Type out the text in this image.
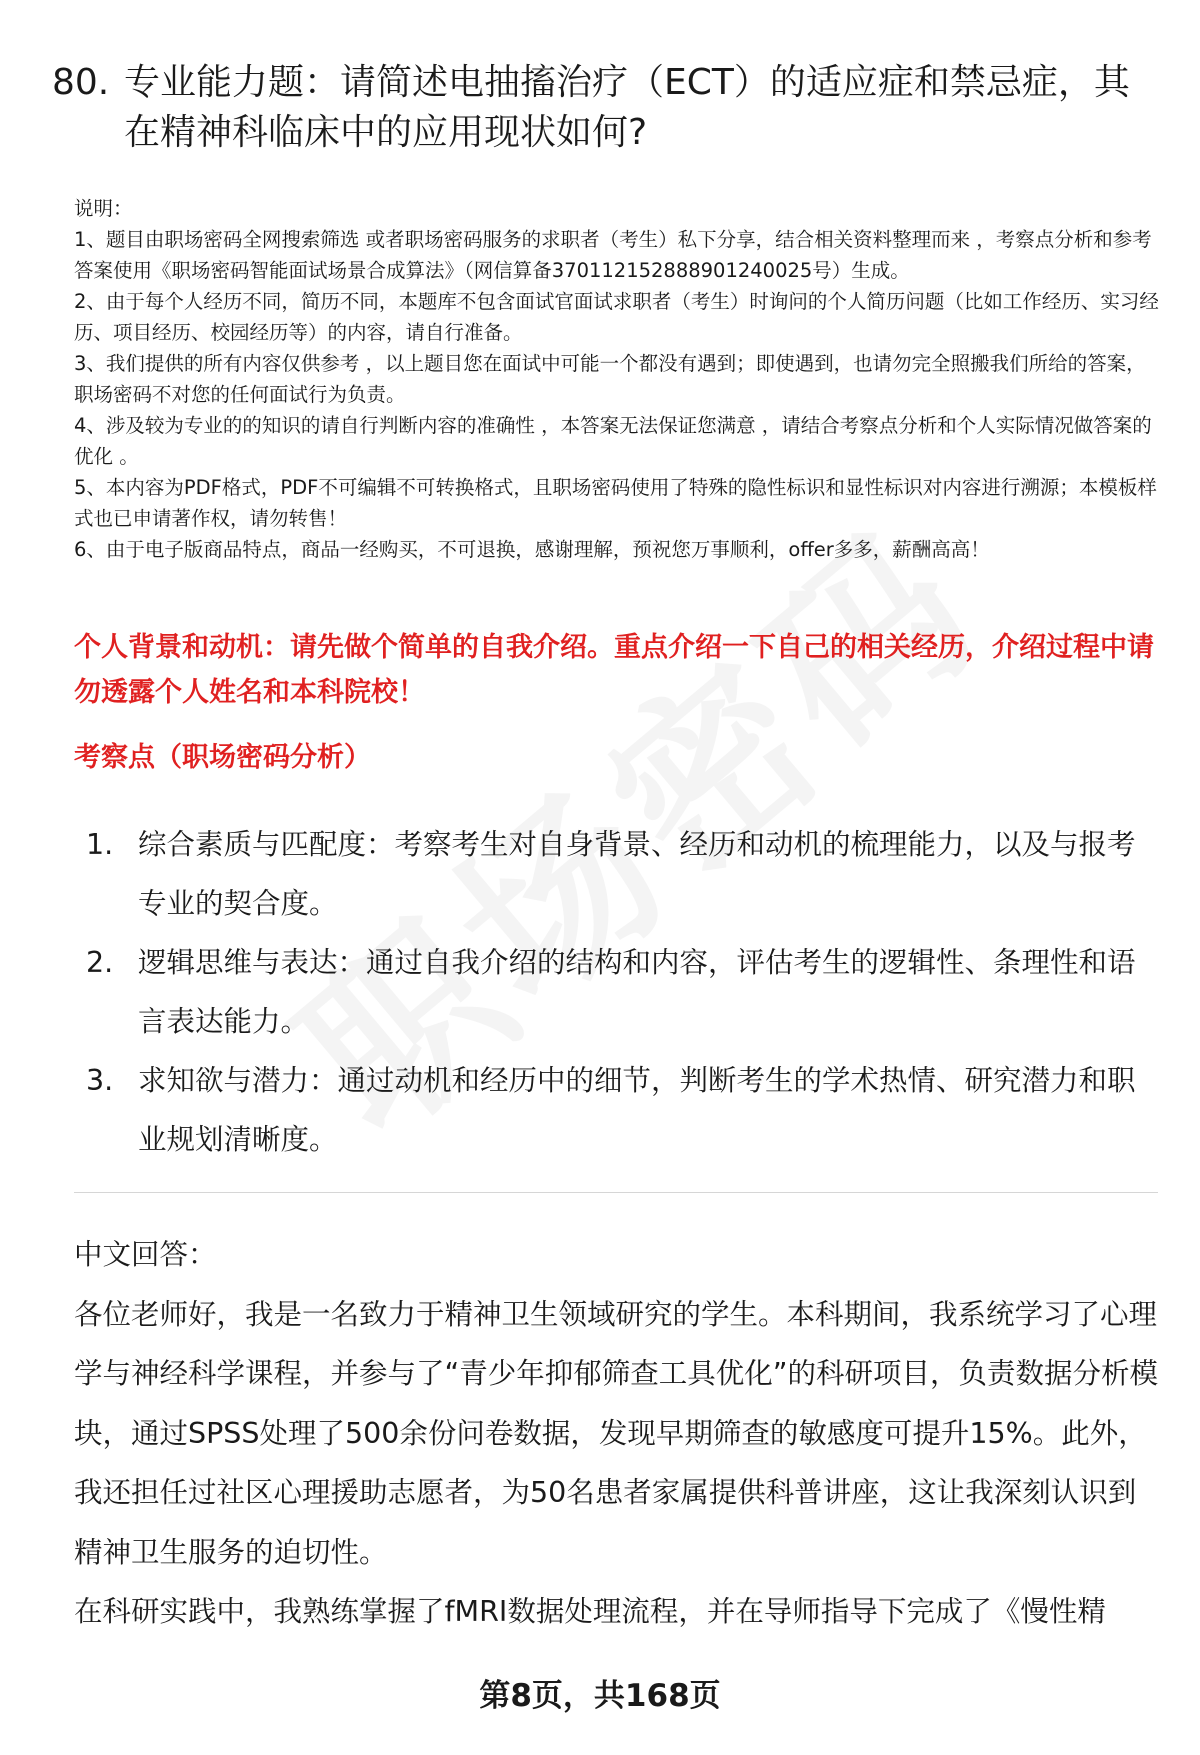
80. 专业能力题：请简述电抽搐治疗（ECT）的适应症和禁忌症，其在精神科临床中的应用现状如何?

说明：

1、题目由职场密码全网搜索筛选 或者职场密码服务的求职者（考生）私下分享，结合相关资料整理而来 ，考察点分析和参考答案使用《职场密码智能面试场景合成算法》（网信算备370112152888901240025号）生成。

2、由于每个人经历不同，简历不同，本题库不包含面试官面试求职者（考生）时询问的个人简历问题（比如工作经历、实习经历、项目经历、校园经历等）的内容，请自行准备。

3、我们提供的所有内容仅供参考 ，以上题目您在面试中可能一个都没有遇到；即使遇到，也请勿完全照搬我们所给的答案，职场密码不对您的任何面试行为负责。

4、涉及较为专业的的知识的请自行判断内容的准确性 ，本答案无法保证您满意 ，请结合考察点分析和个人实际情况做答案的优化 。

5、本内容为PDF格式，PDF不可编辑不可转换格式，且职场密码使用了特殊的隐性标识和显性标识对内容进行溯源；本模板样式也已申请著作权，请勿转售！

6、由于电子版商品特点，商品一经购买，不可退换，感谢理解，预祝您万事顺利，offer多多，薪酬高高！

个人背景和动机：请先做个简单的自我介绍。重点介绍一下自己的相关经历，介绍过程中请勿透露个人姓名和本科院校！
考察点（职场密码分析）
1. 综合素质与匹配度：考察考生对自身背景、经历和动机的梳理能力，以及与报考专业的契合度。
2. 逻辑思维与表达：通过自我介绍的结构和内容，评估考生的逻辑性、条理性和语言表达能力。
3. 求知欲与潜力：通过动机和经历中的细节，判断考生的学术热情、研究潜力和职业规划清晰度。

中文回答：

各位老师好，我是一名致力于精神卫生领域研究的学生。本科期间，我系统学习了心理学与神经科学课程，并参与了“青少年抑郁筛查工具优化”的科研项目，负责数据分析模块，通过SPSS处理了500余份问卷数据，发现早期筛查的敏感度可提升15%。此外，我还担任过社区心理援助志愿者，为50名患者家属提供科普讲座，这让我深刻认识到精神卫生服务的迫切性。

在科研实践中，我熟练掌握了fMRI数据处理流程，并在导师指导下完成了《慢性精

第8页，共168页
